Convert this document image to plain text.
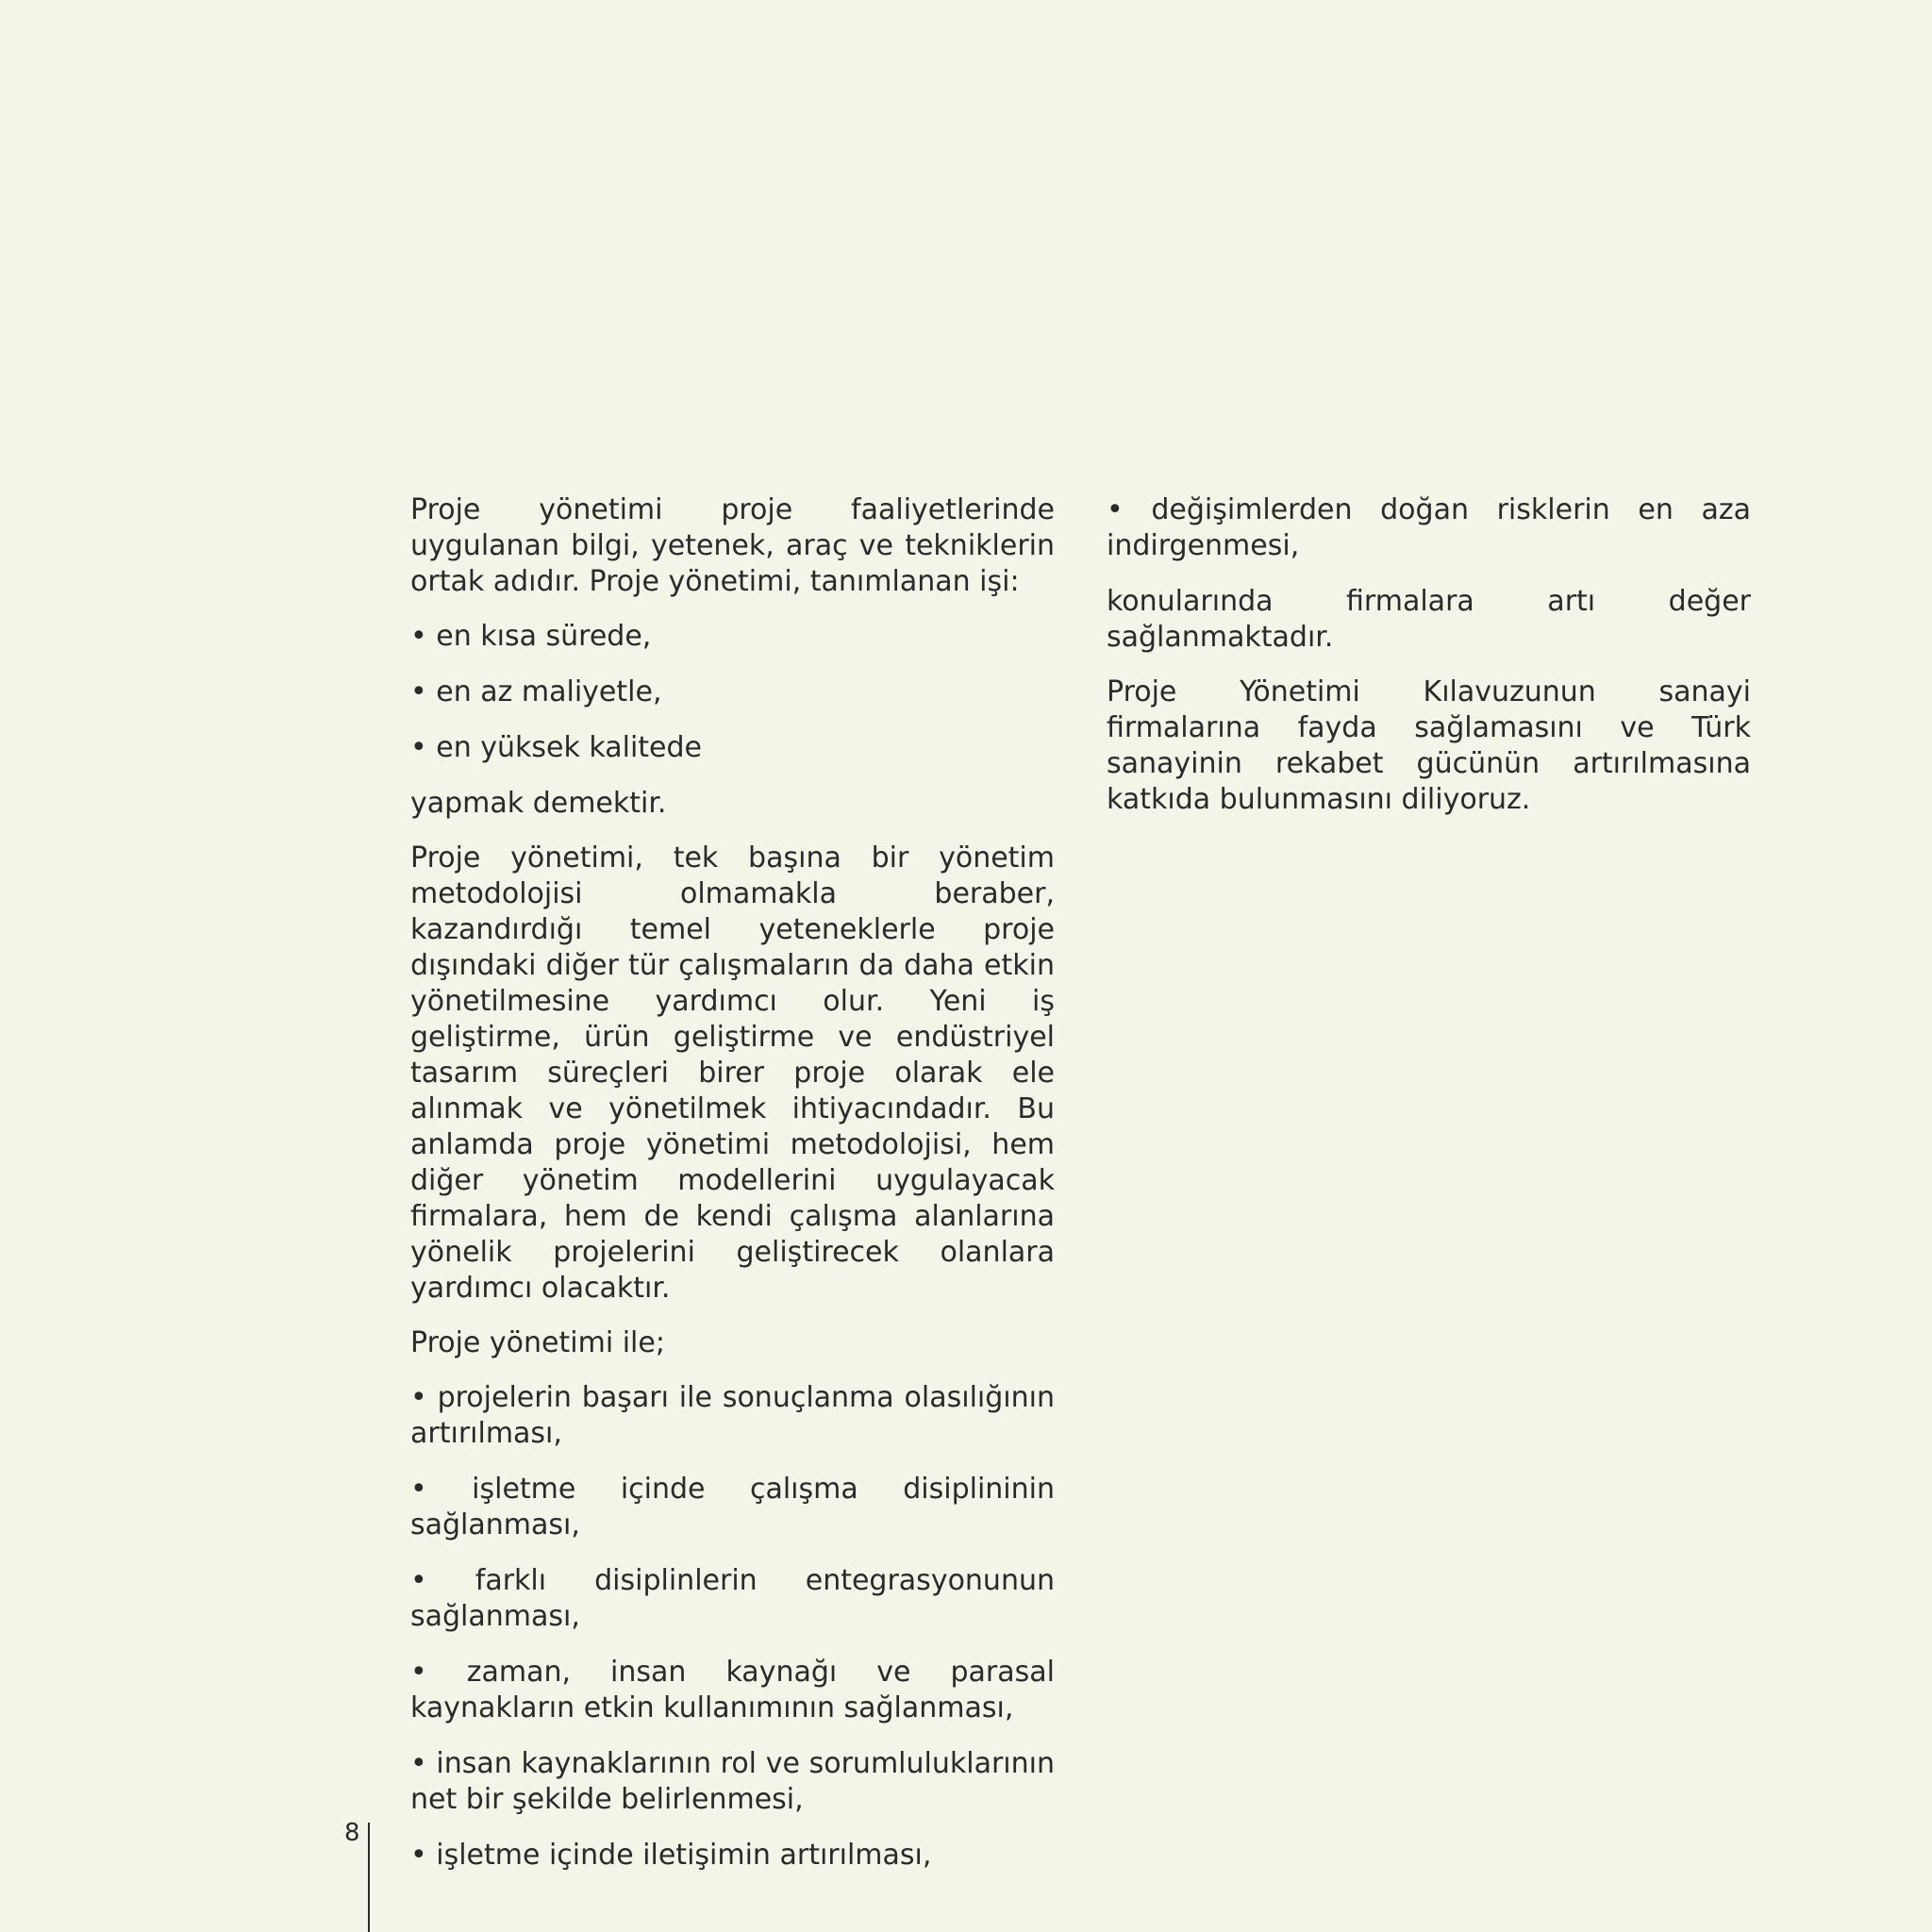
Proje yönetimi proje faaliyetlerinde uygulanan bilgi, yetenek, araç ve tekniklerin ortak adıdır. Proje yönetimi, tanımlanan işi:

• en kısa sürede,

• en az maliyetle,

• en yüksek kalitede

yapmak demektir.

Proje yönetimi, tek başına bir yönetim metodolojisi olmamakla beraber, kazandırdığı temel yeteneklerle proje dışındaki diğer tür çalışmaların da daha etkin yönetilmesine yardımcı olur. Yeni iş geliştirme, ürün geliştirme ve endüstriyel tasarım süreçleri birer proje olarak ele alınmak ve yönetilmek ihtiyacındadır. Bu anlamda proje yönetimi metodolojisi, hem diğer yönetim modellerini uygulayacak firmalara, hem de kendi çalışma alanlarına yönelik projelerini geliştirecek olanlara yardımcı olacaktır.

Proje yönetimi ile;

• projelerin başarı ile sonuçlanma olasılığının artırılması,

• işletme içinde çalışma disiplininin sağlanması,

• farklı disiplinlerin entegrasyonunun sağlanması,

• zaman, insan kaynağı ve parasal kaynakların etkin kullanımının sağlanması,

• insan kaynaklarının rol ve sorumluluklarının net bir şekilde belirlenmesi,

• işletme içinde iletişimin artırılması,

• değişimlerden doğan risklerin en aza indirgenmesi,

konularında firmalara artı değer sağlanmaktadır.

Proje Yönetimi Kılavuzunun sanayi firmalarına fayda sağlamasını ve Türk sanayinin rekabet gücünün artırılmasına katkıda bulunmasını diliyoruz.

8
